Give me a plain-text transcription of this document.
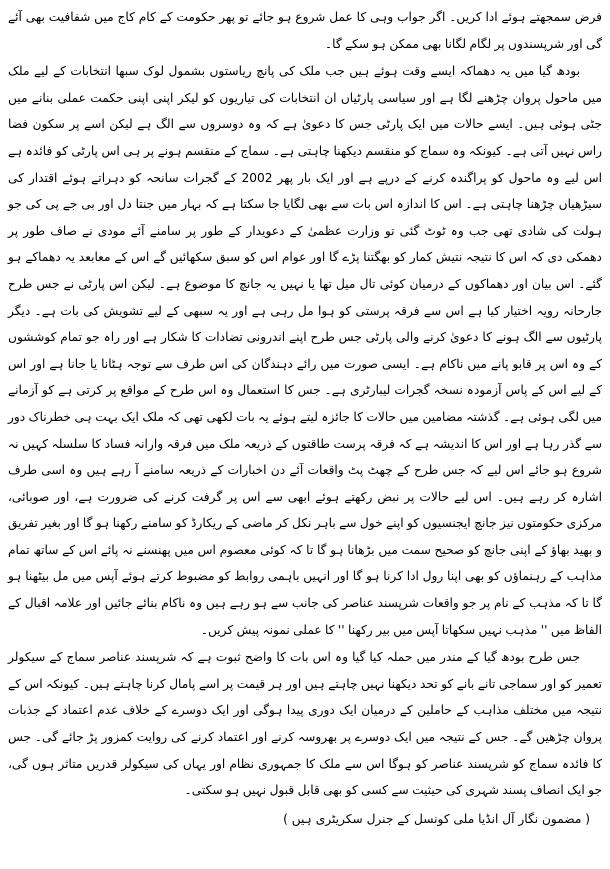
فرض سمجھتے ہوئے ادا کریں۔ اگر جواب وہی کا عمل شروع ہو جائے تو پھر حکومت کے کام کاج میں شفافیت بھی آئے گی اور شرپسندوں پر لگام لگانا بھی ممکن ہو سکے گا۔

بودھ گیا میں یہ دھماکہ ایسے وقت ہوئے ہیں جب ملک کی پانچ ریاستوں بشمول لوک سبھا انتخابات کے لیے ملک میں ماحول پروان چڑھنے لگا ہے اور سیاسی پارٹیاں ان انتخابات کی تیاریوں کو لیکر اپنی اپنی حکمت عملی بنانے میں جٹی ہوئی ہیں۔ ایسے حالات میں ایک پارٹی جس کا دعویٰ ہے کہ وہ دوسروں سے الگ ہے لیکن اسے پر سکون فضا راس نہیں آتی ہے۔ کیونکہ وہ سماج کو منقسم دیکھنا چاہتی ہے۔ سماج کے منقسم ہونے پر ہی اس پارٹی کو فائدہ ہے اس لیے وہ ماحول کو پراگندہ کرنے کے درپے ہے اور ایک بار پھر 2002 کے گجرات سانحہ کو دہراتے ہوئے اقتدار کی سیڑھیاں چڑھنا چاہتی ہے۔ اس کا اندازہ اس بات سے بھی لگایا جا سکتا ہے کہ بہار میں جنتا دل اور بی جے پی کی جو ہولت کی شادی تھی جب وہ ٹوٹ گئی تو وزارت عظمیٰ کے دعویدار کے طور پر سامنے آئے مودی نے صاف طور پر دھمکی دی کہ اس کا نتیجہ نتیش کمار کو بھگتنا پڑے گا اور عوام اس کو سبق سکھائیں گے اس کے معابعد یہ دھماکے ہو گئے۔ اس بیان اور دھماکوں کے درمیان کوئی تال میل تھا یا نہیں یہ جانچ کا موضوع ہے۔ لیکن اس پارٹی نے جس طرح جارحانہ رویہ اختیار کیا ہے اس سے فرقہ پرستی کو ہوا مل رہی ہے اور یہ سبھی کے لیے تشویش کی بات ہے۔ دیگر پارٹیوں سے الگ ہونے کا دعویٰ کرنے والی پارٹی جس طرح اپنے اندرونی تضادات کا شکار ہے اور راہ جو تمام کوششوں کے وہ اس پر قابو پانے میں ناکام ہے۔ ایسی صورت میں رائے دہندگان کی اس طرف سے توجہ ہٹانا یا جانا ہے اور اس کے لیے اس کے پاس آزمودہ نسخہ گجرات لیبارٹری ہے۔ جس کا استعمال وہ اس طرح کے مواقع پر کرتی ہے کو آزمانے میں لگی ہوئی ہے۔ گذشتہ مضامین میں حالات کا جائزہ لیتے ہوئے یہ بات لکھی تھی کہ ملک ایک بہت ہی خطرناک دور سے گذر رہا ہے اور اس کا اندیشہ ہے کہ فرقہ پرست طاقتوں کے ذریعہ ملک میں فرقہ وارانہ فساد کا سلسلہ کہیں نہ شروع ہو جائے اس لیے کہ جس طرح کے چھٹ پٹ واقعات آئے دن اخبارات کے ذریعہ سامنے آ رہے ہیں وہ اسی طرف اشارہ کر رہے ہیں۔ اس لیے حالات پر نبض رکھتے ہوئے ابھی سے اس پر گرفت کرنے کی ضرورت ہے، اور صوبائی، مرکزی حکومتوں نیز جانچ ایجنسیوں کو اپنے خول سے باہر نکل کر ماضی کے ریکارڈ کو سامنے رکھنا ہو گا اور بغیر تفریق و بھید بھاؤ کے اپنی جانچ کو صحیح سمت میں بڑھانا ہو گا تا کہ کوئی معصوم اس میں پھنسنے نہ پائے اس کے ساتھ تمام مذاہب کے رہنماؤں کو بھی اپنا رول ادا کرنا ہو گا اور انہیں باہمی روابط کو مضبوط کرتے ہوئے آپس میں مل بیٹھنا ہو گا تا کہ مذہب کے نام پر جو واقعات شرپسند عناصر کی جانب سے ہو رہے ہیں وہ ناکام بنائے جائیں اور علامہ اقبال کے الفاظ میں '' مذہب نہیں سکھاتا آپس میں بیر رکھنا '' کا عملی نمونہ پیش کریں۔

جس طرح بودھ گیا کے مندر میں حملہ کیا گیا وہ اس بات کا واضح ثبوت ہے کہ شرپسند عناصر سماج کے سیکولر تعمیر کو اور سماجی تانے بانے کو تحد دیکھنا نہیں چاہتے ہیں اور ہر قیمت پر اسے پامال کرنا چاہتے ہیں۔ کیونکہ اس کے نتیجہ میں مختلف مذاہب کے حاملین کے درمیان ایک دوری پیدا ہوگی اور ایک دوسرے کے خلاف عدم اعتماد کے جذبات پروان چڑھیں گے۔ جس کے نتیجہ میں ایک دوسرے پر بھروسہ کرنے اور اعتماد کرنے کی روایت کمزور پڑ جائے گی۔ جس کا فائدہ سماج کو شرپسند عناصر کو ہوگا اس سے ملک کا جمہوری نظام اور یہاں کی سیکولر قدریں متاثر ہوں گی، جو ایک انصاف پسند شہری کی حیثیت سے کسی کو بھی قابل قبول نہیں ہو سکتی۔

( مضمون نگار آل انڈیا ملی کونسل کے جنرل سکریٹری ہیں )
